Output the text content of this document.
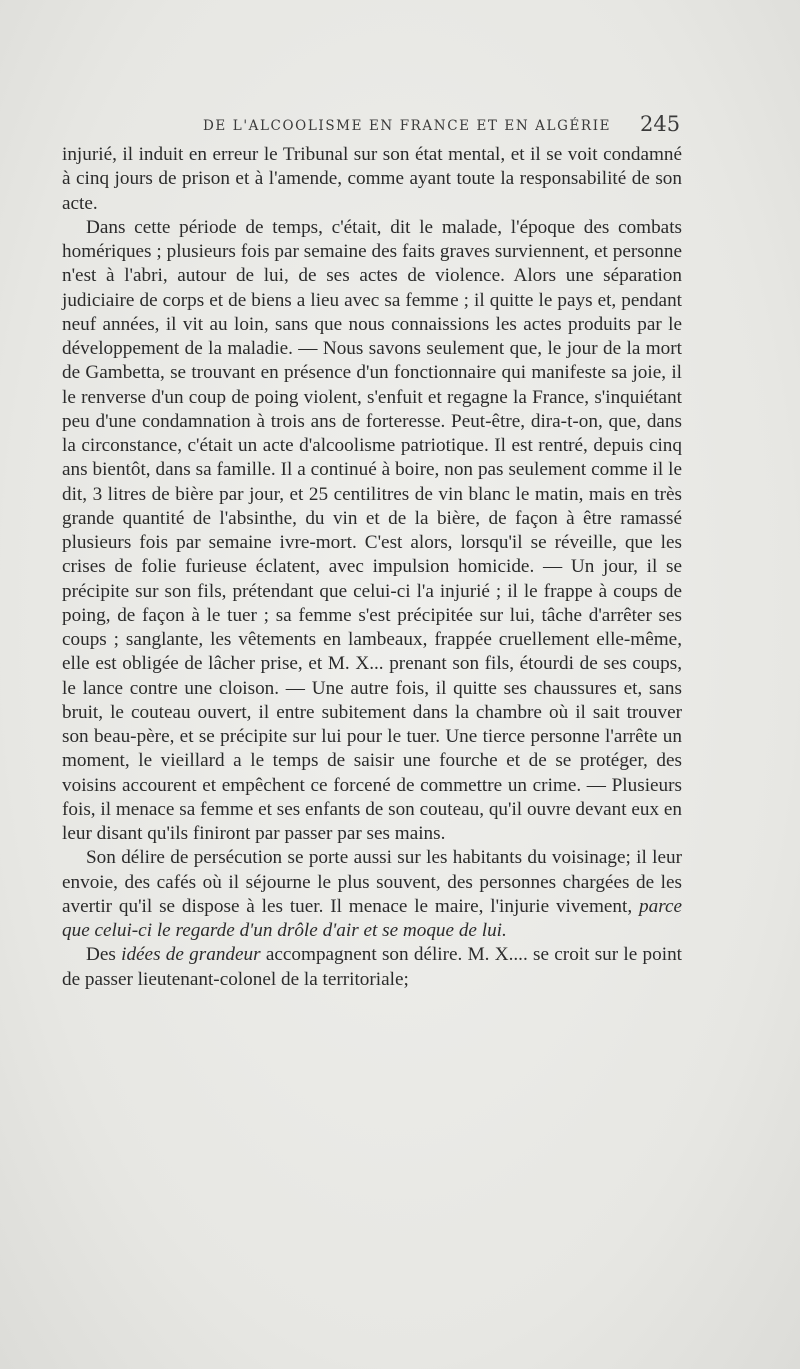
DE L'ALCOOLISME EN FRANCE ET EN ALGÉRIE 245

injurié, il induit en erreur le Tribunal sur son état mental, et il se voit condamné à cinq jours de prison et à l'amende, comme ayant toute la responsabilité de son acte.

Dans cette période de temps, c'était, dit le malade, l'époque des combats homériques ; plusieurs fois par semaine des faits graves surviennent, et personne n'est à l'abri, autour de lui, de ses actes de violence. Alors une séparation judiciaire de corps et de biens a lieu avec sa femme ; il quitte le pays et, pendant neuf années, il vit au loin, sans que nous connaissions les actes produits par le développement de la maladie. — Nous savons seulement que, le jour de la mort de Gambetta, se trouvant en présence d'un fonctionnaire qui manifeste sa joie, il le renverse d'un coup de poing violent, s'enfuit et regagne la France, s'inquiétant peu d'une condamnation à trois ans de forteresse. Peut-être, dira-t-on, que, dans la circonstance, c'était un acte d'alcoolisme patriotique. Il est rentré, depuis cinq ans bientôt, dans sa famille. Il a continué à boire, non pas seulement comme il le dit, 3 litres de bière par jour, et 25 centilitres de vin blanc le matin, mais en très grande quantité de l'absinthe, du vin et de la bière, de façon à être ramassé plusieurs fois par semaine ivre-mort. C'est alors, lorsqu'il se réveille, que les crises de folie furieuse éclatent, avec impulsion homicide. — Un jour, il se précipite sur son fils, prétendant que celui-ci l'a injurié ; il le frappe à coups de poing, de façon à le tuer ; sa femme s'est précipitée sur lui, tâche d'arrêter ses coups ; sanglante, les vêtements en lambeaux, frappée cruellement elle-même, elle est obligée de lâcher prise, et M. X... prenant son fils, étourdi de ses coups, le lance contre une cloison. — Une autre fois, il quitte ses chaussures et, sans bruit, le couteau ouvert, il entre subitement dans la chambre où il sait trouver son beau-père, et se précipite sur lui pour le tuer. Une tierce personne l'arrête un moment, le vieillard a le temps de saisir une fourche et de se protéger, des voisins accourent et empêchent ce forcené de commettre un crime. — Plusieurs fois, il menace sa femme et ses enfants de son couteau, qu'il ouvre devant eux en leur disant qu'ils finiront par passer par ses mains.

Son délire de persécution se porte aussi sur les habitants du voisinage; il leur envoie, des cafés où il séjourne le plus souvent, des personnes chargées de les avertir qu'il se dispose à les tuer. Il menace le maire, l'injurie vivement, parce que celui-ci le regarde d'un drôle d'air et se moque de lui.

Des idées de grandeur accompagnent son délire. M. X.... se croit sur le point de passer lieutenant-colonel de la territoriale;
